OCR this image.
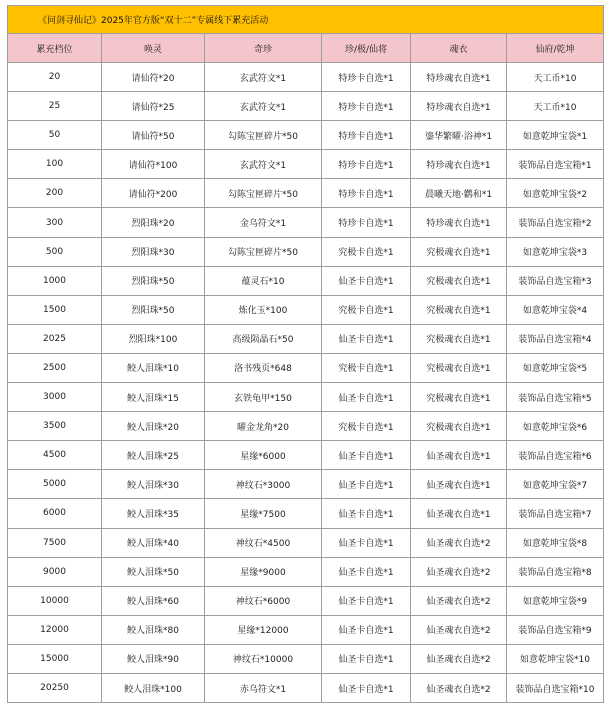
《问剑寻仙记》2025年官方版“双十二”专属线下累充活动					
累充档位	唤灵	奇珍	珍/极/仙将	魂衣	仙府/乾坤
20	请仙符*20	玄武符文*1	特珍卡自选*1	特珍魂衣自选*1	天工币*10
25	请仙符*25	玄武符文*1	特珍卡自选*1	特珍魂衣自选*1	天工币*10
50	请仙符*50	勾陈宝匣碎片*50	特珍卡自选*1	鎏华繁曜·浴神*1	如意乾坤宝袋*1
100	请仙符*100	玄武符文*1	特珍卡自选*1	特珍魂衣自选*1	装饰品自选宝箱*1
200	请仙符*200	勾陈宝匣碎片*50	特珍卡自选*1	晨曦天地·鹳和*1	如意乾坤宝袋*2
300	烈阳珠*20	金乌符文*1	特珍卡自选*1	特珍魂衣自选*1	装饰品自选宝箱*2
500	烈阳珠*30	勾陈宝匣碎片*50	究极卡自选*1	究极魂衣自选*1	如意乾坤宝袋*3
1000	烈阳珠*50	蕴灵石*10	仙圣卡自选*1	究极魂衣自选*1	装饰品自选宝箱*3
1500	烈阳珠*50	炼化玉*100	究极卡自选*1	究极魂衣自选*1	如意乾坤宝袋*4
2025	烈阳珠*100	高级陨晶石*50	仙圣卡自选*1	究极魂衣自选*1	装饰品自选宝箱*4
2500	鲛人泪珠*10	洛书残页*648	究极卡自选*1	究极魂衣自选*1	如意乾坤宝袋*5
3000	鲛人泪珠*15	玄铁龟甲*150	仙圣卡自选*1	究极魂衣自选*1	装饰品自选宝箱*5
3500	鲛人泪珠*20	曜金龙角*20	究极卡自选*1	究极魂衣自选*1	如意乾坤宝袋*6
4500	鲛人泪珠*25	星缘*6000	仙圣卡自选*1	仙圣魂衣自选*1	装饰品自选宝箱*6
5000	鲛人泪珠*30	神纹石*3000	仙圣卡自选*1	仙圣魂衣自选*1	如意乾坤宝袋*7
6000	鲛人泪珠*35	星缘*7500	仙圣卡自选*1	仙圣魂衣自选*1	装饰品自选宝箱*7
7500	鲛人泪珠*40	神纹石*4500	仙圣卡自选*1	仙圣魂衣自选*2	如意乾坤宝袋*8
9000	鲛人泪珠*50	星缘*9000	仙圣卡自选*1	仙圣魂衣自选*2	装饰品自选宝箱*8
10000	鲛人泪珠*60	神纹石*6000	仙圣卡自选*1	仙圣魂衣自选*2	如意乾坤宝袋*9
12000	鲛人泪珠*80	星缘*12000	仙圣卡自选*1	仙圣魂衣自选*2	装饰品自选宝箱*9
15000	鲛人泪珠*90	神纹石*10000	仙圣卡自选*1	仙圣魂衣自选*2	如意乾坤宝袋*10
20250	鲛人泪珠*100	赤乌符文*1	仙圣卡自选*1	仙圣魂衣自选*2	装饰品自选宝箱*10
